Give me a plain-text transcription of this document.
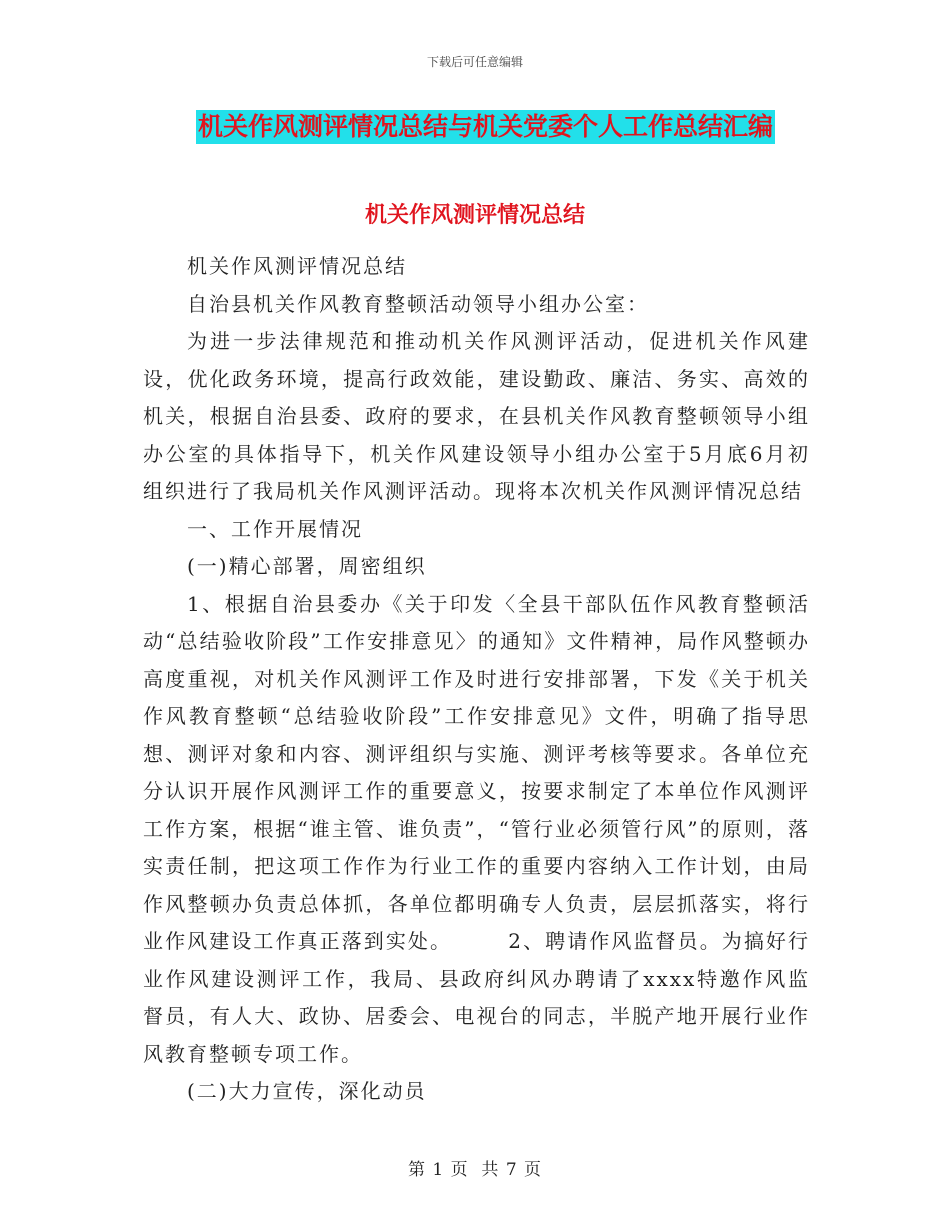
下载后可任意编辑
机关作风测评情况总结与机关党委个人工作总结汇编
机关作风测评情况总结

机关作风测评情况总结

自治县机关作风教育整顿活动领导小组办公室：

为进一步法律规范和推动机关作风测评活动，促进机关作风建设，优化政务环境，提高行政效能，建设勤政、廉洁、务实、高效的机关，根据自治县委、政府的要求，在县机关作风教育整顿领导小组办公室的具体指导下，机关作风建设领导小组办公室于5月底6月初组织进行了我局机关作风测评活动。现将本次机关作风测评情况总结

一、工作开展情况

(一)精心部署，周密组织

1、根据自治县委办《关于印发〈全县干部队伍作风教育整顿活动“总结验收阶段”工作安排意见〉的通知》文件精神，局作风整顿办高度重视，对机关作风测评工作及时进行安排部署，下发《关于机关作风教育整顿“总结验收阶段”工作安排意见》文件，明确了指导思想、测评对象和内容、测评组织与实施、测评考核等要求。各单位充分认识开展作风测评工作的重要意义，按要求制定了本单位作风测评工作方案，根据“谁主管、谁负责”，“管行业必须管行风”的原则，落实责任制，把这项工作作为行业工作的重要内容纳入工作计划，由局作风整顿办负责总体抓，各单位都明确专人负责，层层抓落实，将行业作风建设工作真正落到实处。　　　2、聘请作风监督员。为搞好行业作风建设测评工作，我局、县政府纠风办聘请了xxxx特邀作风监督员，有人大、政协、居委会、电视台的同志，半脱产地开展行业作风教育整顿专项工作。

(二)大力宣传，深化动员

第 1 页  共 7 页
